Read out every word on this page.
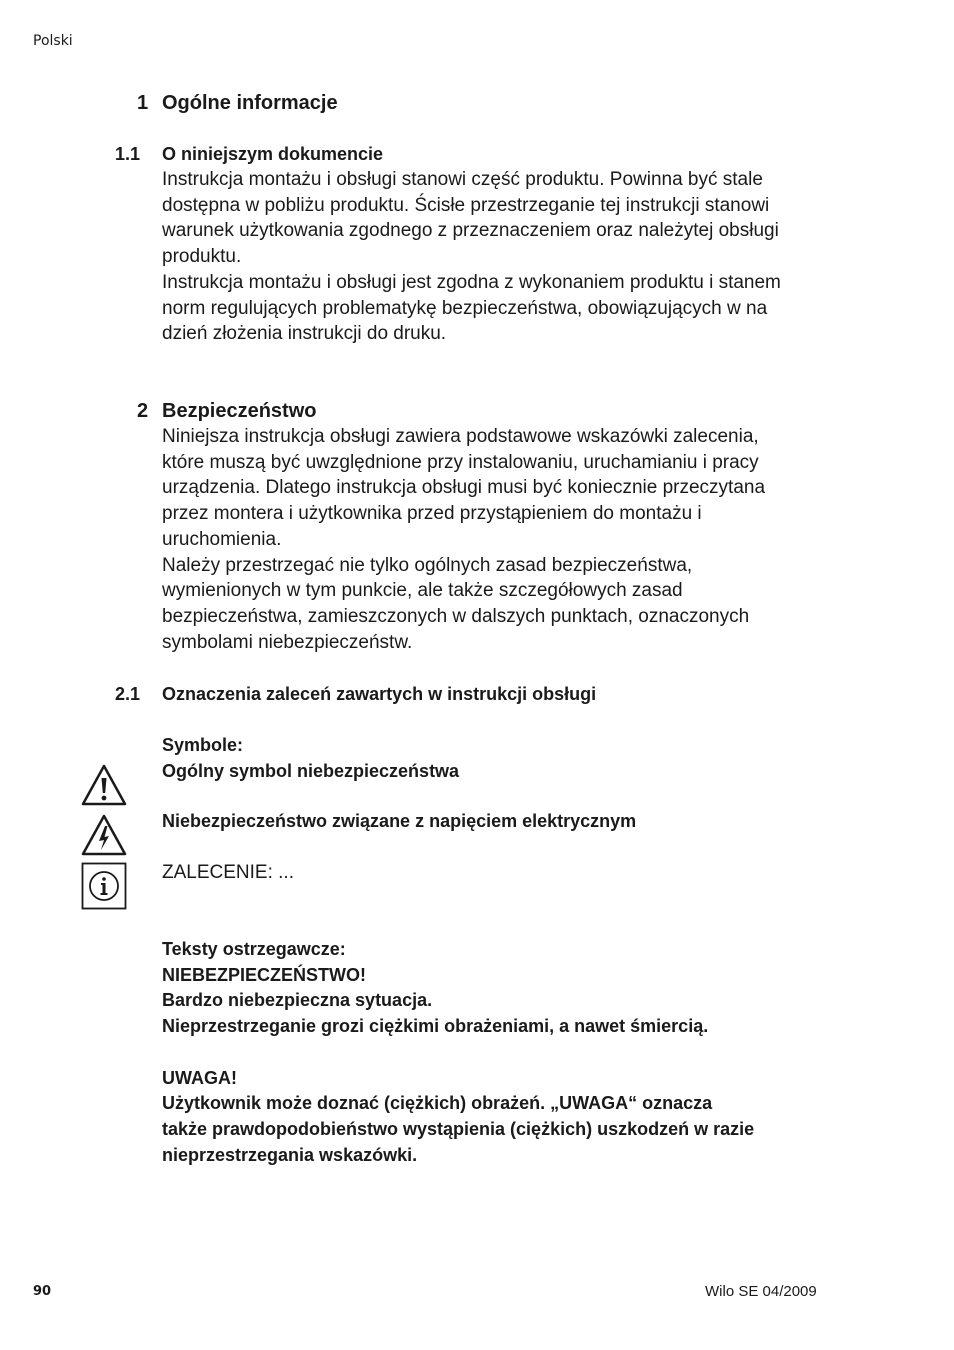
Polski
1 Ogólne informacje
1.1 O niniejszym dokumencie

Instrukcja montażu i obsługi stanowi część produktu. Powinna być stale

dostępna w pobliżu produktu. Ścisłe przestrzeganie tej instrukcji stanowi

warunek użytkowania zgodnego z przeznaczeniem oraz należytej obsługi

produktu.

Instrukcja montażu i obsługi jest zgodna z wykonaniem produktu i stanem

norm regulujących problematykę bezpieczeństwa, obowiązujących w na

dzień złożenia instrukcji do druku.

2 Bezpieczeństwo

Niniejsza instrukcja obsługi zawiera podstawowe wskazówki zalecenia,

które muszą być uwzględnione przy instalowaniu, uruchamianiu i pracy

urządzenia. Dlatego instrukcja obsługi musi być koniecznie przeczytana

przez montera i użytkownika przed przystąpieniem do montażu i

uruchomienia.

Należy przestrzegać nie tylko ogólnych zasad bezpieczeństwa,

wymienionych w tym punkcie, ale także szczegółowych zasad

bezpieczeństwa, zamieszczonych w dalszych punktach, oznaczonych

symbolami niebezpieczeństw.

2.1 Oznaczenia zaleceń zawartych w instrukcji obsługi
Symbole:
Ogólny symbol niebezpieczeństwa
Niebezpieczeństwo związane z napięciem elektrycznym
ZALECENIE: ...
Teksty ostrzegawcze:
NIEBEZPIECZEŃSTWO!
Bardzo niebezpieczna sytuacja.
Nieprzestrzeganie grozi ciężkimi obrażeniami, a nawet śmiercią.
UWAGA!
Użytkownik może doznać (ciężkich) obrażeń. „UWAGA“ oznacza
także prawdopodobieństwo wystąpienia (ciężkich) uszkodzeń w razie
nieprzestrzegania wskazówki.
90	Wilo SE 04/2009
